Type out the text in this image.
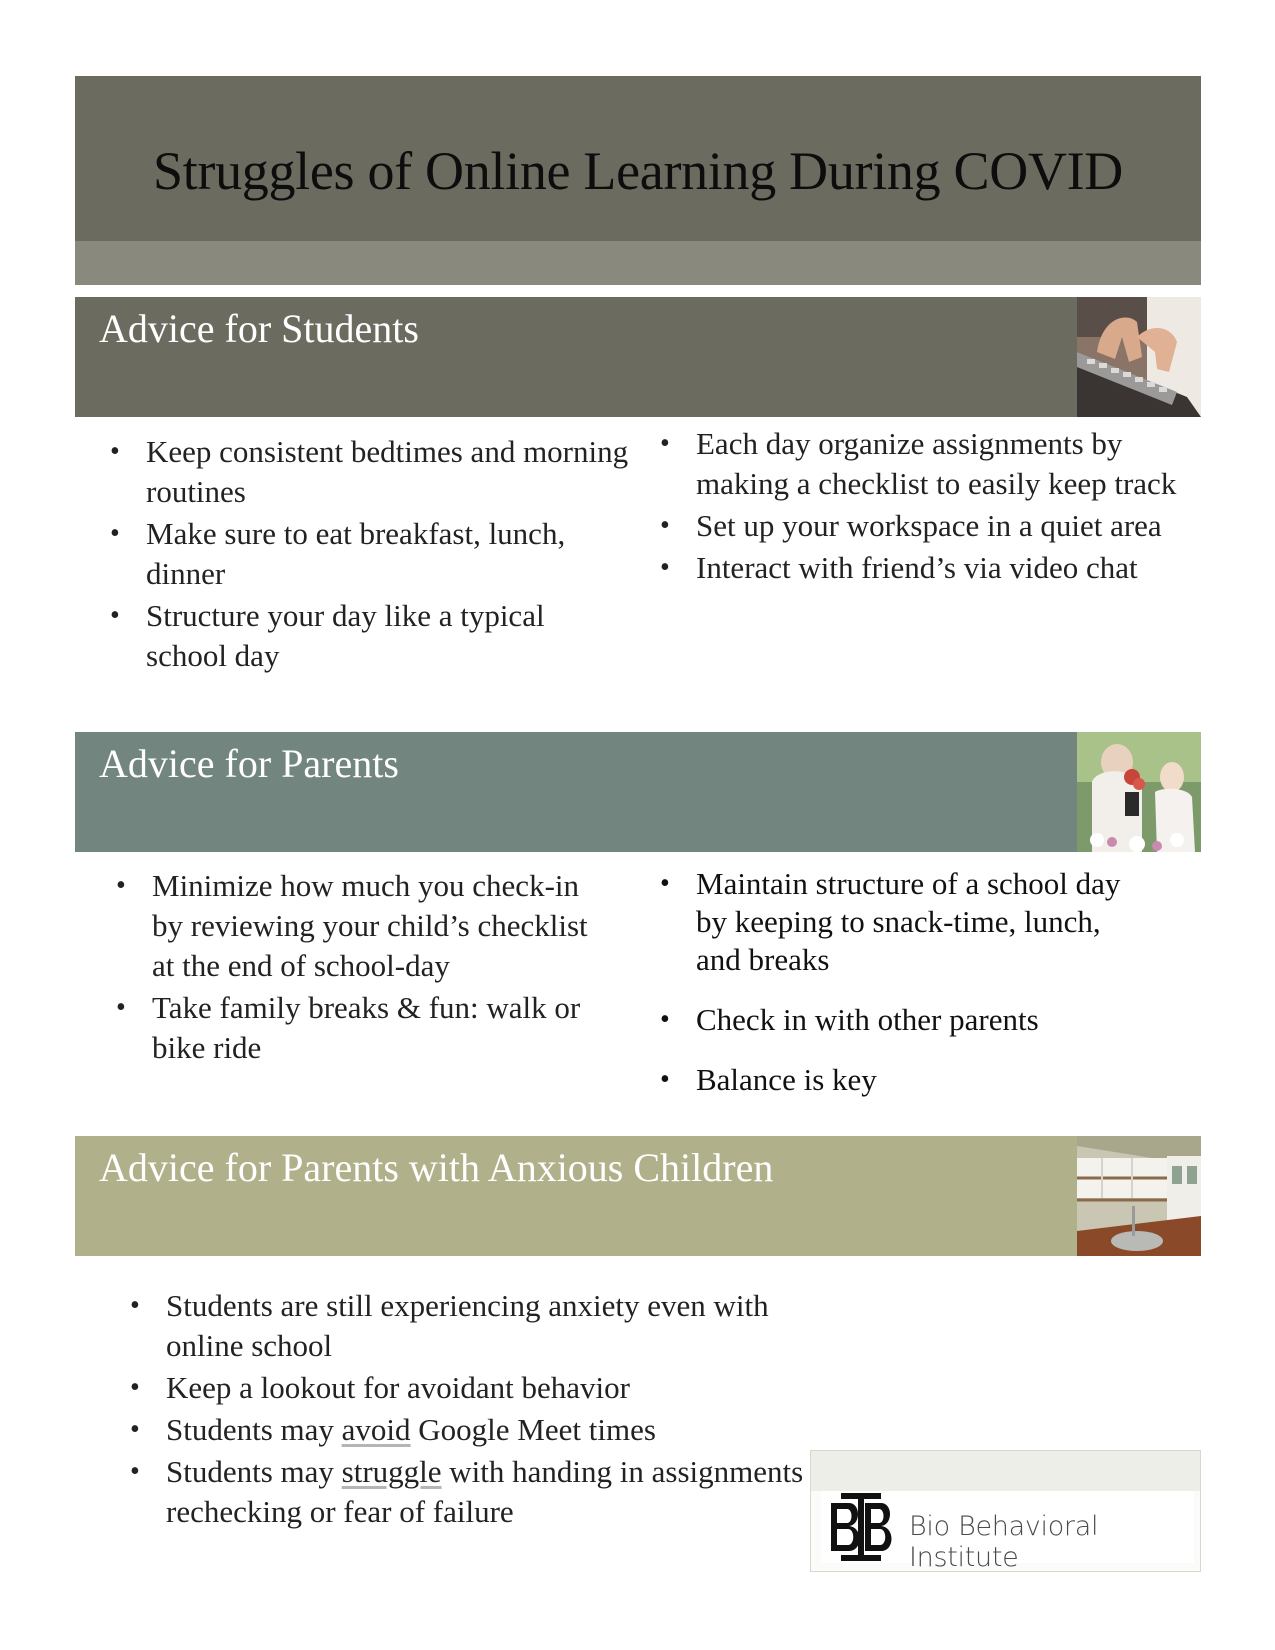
Struggles of Online Learning During COVID
Advice for Students
• Keep consistent bedtimes and morning routines
• Make sure to eat breakfast, lunch, dinner
• Structure your day like a typical school day
• Each day organize assignments by making a checklist to easily keep track
• Set up your workspace in a quiet area
• Interact with friend’s via video chat
Advice for Parents
• Minimize how much you check-in by reviewing your child’s checklist at the end of school-day
• Take family breaks & fun: walk or bike ride
• Maintain structure of a school day by keeping to snack-time, lunch, and breaks
• Check in with other parents
• Balance is key
Advice for Parents with Anxious Children
• Students are still experiencing anxiety even with online school
• Keep a lookout for avoidant behavior
• Students may avoid Google Meet times
• Students may struggle with handing in assignments rechecking or fear of failure	Bio Behavioral Institute
